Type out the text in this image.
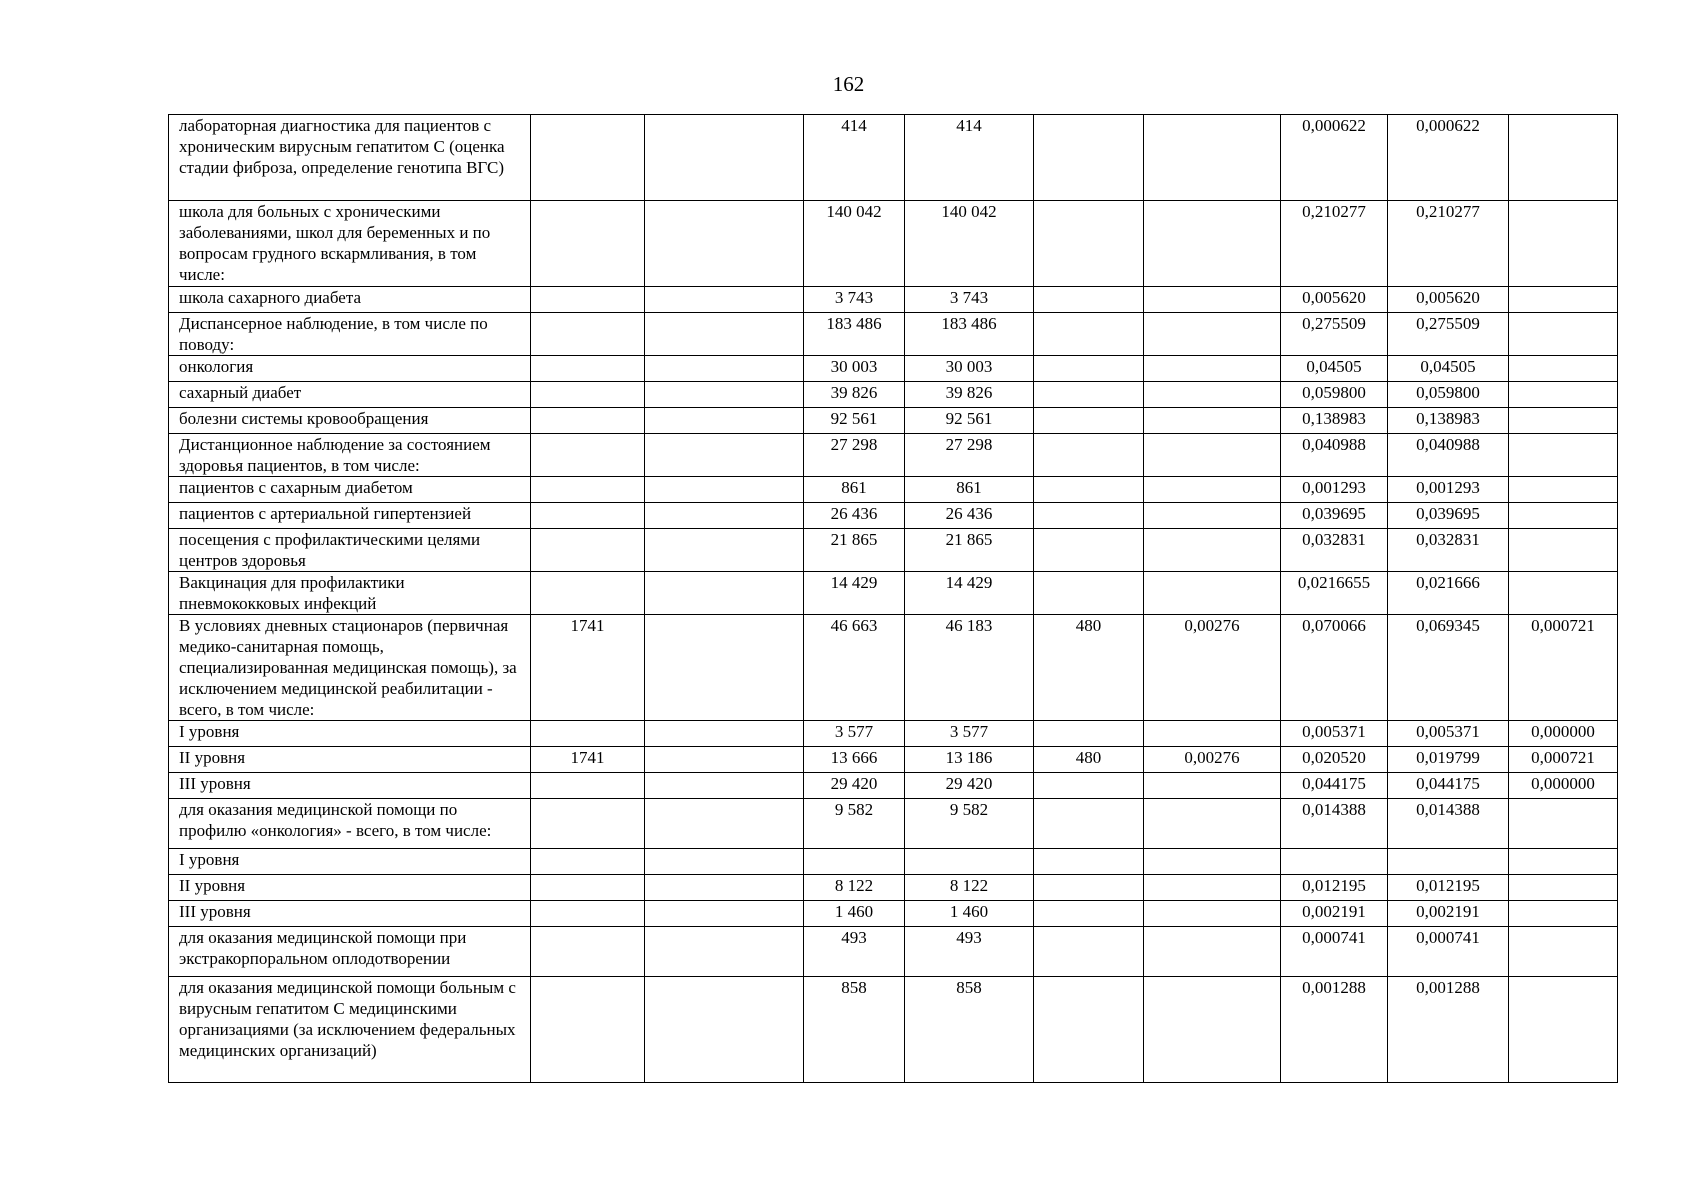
162
лабораторная диагностика для пациентов с хроническим вирусным гепатитом С (оценка стадии фиброза, определение генотипа ВГС)			414	414			0,000622	0,000622	
школа для больных с хроническими заболеваниями, школ для беременных и по вопросам грудного вскармливания, в том числе:			140 042	140 042			0,210277	0,210277	
школа сахарного диабета			3 743	3 743			0,005620	0,005620	
Диспансерное наблюдение, в том числе по поводу:			183 486	183 486			0,275509	0,275509	
онкология			30 003	30 003			0,04505	0,04505	
сахарный диабет			39 826	39 826			0,059800	0,059800	
болезни системы кровообращения			92 561	92 561			0,138983	0,138983	
Дистанционное наблюдение за состоянием здоровья пациентов, в том числе:			27 298	27 298			0,040988	0,040988	
пациентов с сахарным диабетом			861	861			0,001293	0,001293	
пациентов с артериальной гипертензией			26 436	26 436			0,039695	0,039695	
посещения с профилактическими целями центров здоровья			21 865	21 865			0,032831	0,032831	
Вакцинация для профилактики пневмококковых инфекций			14 429	14 429			0,0216655	0,021666	
В условиях дневных стационаров (первичная медико-санитарная помощь, специализированная медицинская помощь), за исключением медицинской реабилитации - всего, в том числе:	1741		46 663	46 183	480	0,00276	0,070066	0,069345	0,000721
I уровня			3 577	3 577			0,005371	0,005371	0,000000
II уровня	1741		13 666	13 186	480	0,00276	0,020520	0,019799	0,000721
III уровня			29 420	29 420			0,044175	0,044175	0,000000
для оказания медицинской помощи по профилю «онкология» - всего, в том числе:			9 582	9 582			0,014388	0,014388	
I уровня									
II уровня			8 122	8 122			0,012195	0,012195	
III уровня			1 460	1 460			0,002191	0,002191	
для оказания медицинской помощи при экстракорпоральном оплодотворении			493	493			0,000741	0,000741	
для оказания медицинской помощи больным с вирусным гепатитом С медицинскими организациями (за исключением федеральных медицинских организаций)			858	858			0,001288	0,001288	
